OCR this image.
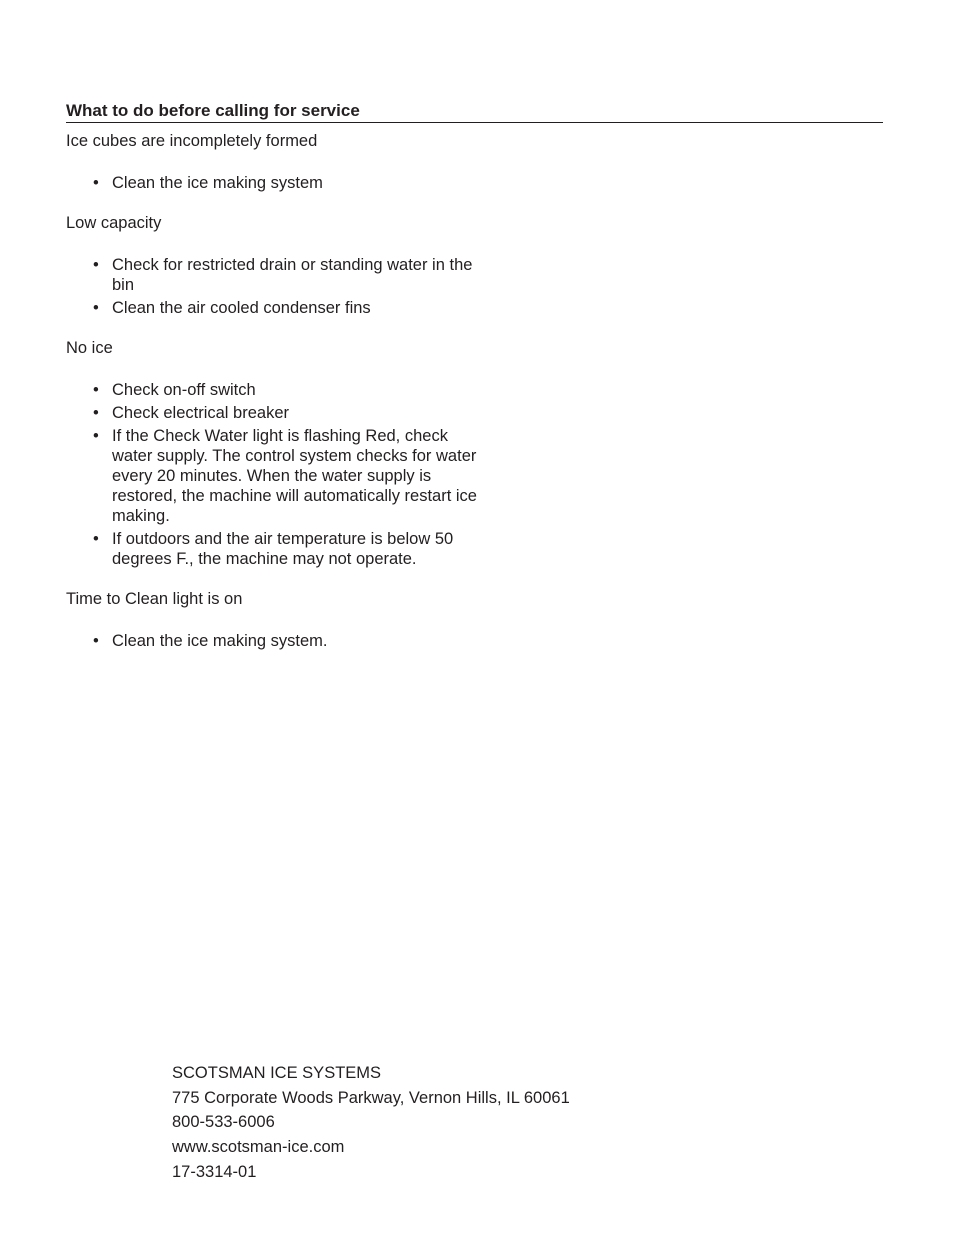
What to do before calling for service

Ice cubes are incompletely formed

• Clean the ice making system

Low capacity

• Check for restricted drain or standing water in the bin
• Clean the air cooled condenser fins

No ice

• Check on-off switch
• Check electrical breaker
• If the Check Water light is flashing Red, check water supply. The control system checks for water every 20 minutes. When the water supply is restored, the machine will automatically restart ice making.
• If outdoors and the air temperature is below 50 degrees F., the machine may not operate.

Time to Clean light is on

• Clean the ice making system.
SCOTSMAN ICE SYSTEMS
775 Corporate Woods Parkway, Vernon Hills, IL 60061
800-533-6006
www.scotsman-ice.com
17-3314-01
